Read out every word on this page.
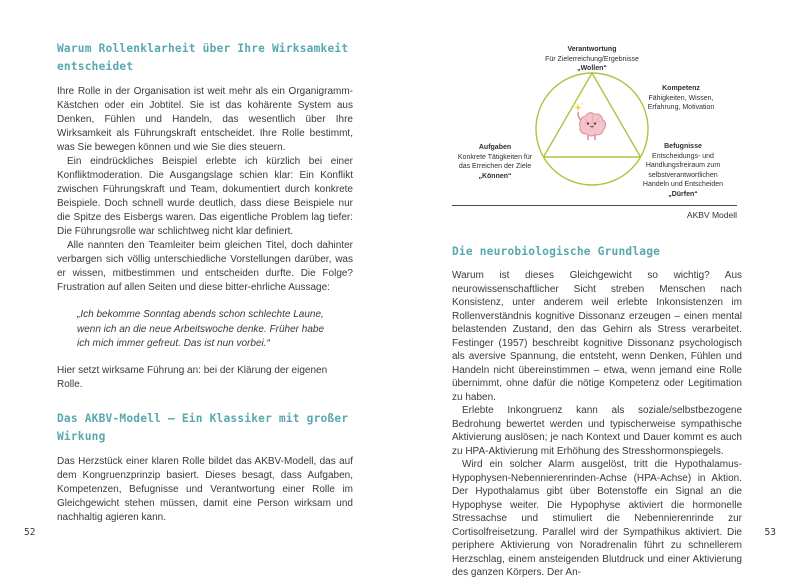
Warum Rollenklarheit über Ihre Wirksamkeit entscheidet

Ihre Rolle in der Organisation ist weit mehr als ein Organigramm-Kästchen oder ein Jobtitel. Sie ist das kohärente System aus Denken, Fühlen und Handeln, das wesentlich über Ihre Wirksamkeit als Führungskraft entscheidet. Ihre Rolle bestimmt, was Sie bewegen können und wie Sie dies steuern.

Ein eindrückliches Beispiel erlebte ich kürzlich bei einer Konfliktmoderation. Die Ausgangslage schien klar: Ein Konflikt zwischen Führungskraft und Team, dokumentiert durch konkrete Beispiele. Doch schnell wurde deutlich, dass diese Beispiele nur die Spitze des Eisbergs waren. Das eigentliche Problem lag tiefer: Die Führungsrolle war schlichtweg nicht klar definiert.

Alle nannten den Teamleiter beim gleichen Titel, doch dahinter verbargen sich völlig unterschiedliche Vorstellungen darüber, was er wissen, mitbestimmen und entscheiden durfte. Die Folge? Frustration auf allen Seiten und diese bitter-ehrliche Aussage:

„Ich bekomme Sonntag abends schon schlechte Laune, wenn ich an die neue Arbeitswoche denke. Früher habe ich mich immer gefreut. Das ist nun vorbei.“

Hier setzt wirksame Führung an: bei der Klärung der eigenen Rolle.

Das AKBV-Modell – Ein Klassiker mit großer Wirkung

Das Herzstück einer klaren Rolle bildet das AKBV-Modell, das auf dem Kongruenzprinzip basiert. Dieses besagt, dass Aufgaben, Kompetenzen, Befugnisse und Verantwortung einer Rolle im Gleichgewicht stehen müssen, damit eine Person wirksam und nachhaltig agieren kann.

52
Verantwortung
Für Zielerreichung/Ergebnisse
„Wollen“
Kompetenz
Fähigkeiten, Wissen,
Erfahrung, Motivation
Aufgaben
Konkrete Tätigkeiten für
das Erreichen der Ziele
„Können“
Befugnisse
Entscheidungs- und
Handlungsfreiraum zum
selbstverantwortlichen
Handeln und Entscheiden
„Dürfen“
AKBV Modell
Die neurobiologische Grundlage

Warum ist dieses Gleichgewicht so wichtig? Aus neurowissenschaftlicher Sicht streben Menschen nach Konsistenz, unter anderem weil erlebte Inkonsistenzen im Rollenverständnis kognitive Dissonanz erzeugen – einen mental belastenden Zustand, den das Gehirn als Stress verarbeitet. Festinger (1957) beschreibt kognitive Dissonanz psychologisch als aversive Spannung, die entsteht, wenn Denken, Fühlen und Handeln nicht übereinstimmen – etwa, wenn jemand eine Rolle übernimmt, ohne dafür die nötige Kompetenz oder Legitimation zu haben.

Erlebte Inkongruenz kann als soziale/selbstbezogene Bedrohung bewertet werden und typischerweise sympathische Aktivierung auslösen; je nach Kontext und Dauer kommt es auch zu HPA-Aktivierung mit Erhöhung des Stresshormonspiegels.

Wird ein solcher Alarm ausgelöst, tritt die Hypothalamus-Hypophysen-Nebennierenrinden-Achse (HPA-Achse) in Aktion. Der Hypothalamus gibt über Botenstoffe ein Signal an die Hypophyse weiter. Die Hypophyse aktiviert die hormonelle Stressachse und stimuliert die Nebennierenrinde zur Cortisolfreisetzung. Parallel wird der Sympathikus aktiviert. Die periphere Aktivierung von Noradrenalin führt zu schnellerem Herzschlag, einem ansteigenden Blutdruck und einer Aktivierung des ganzen Körpers. Der An-

53
